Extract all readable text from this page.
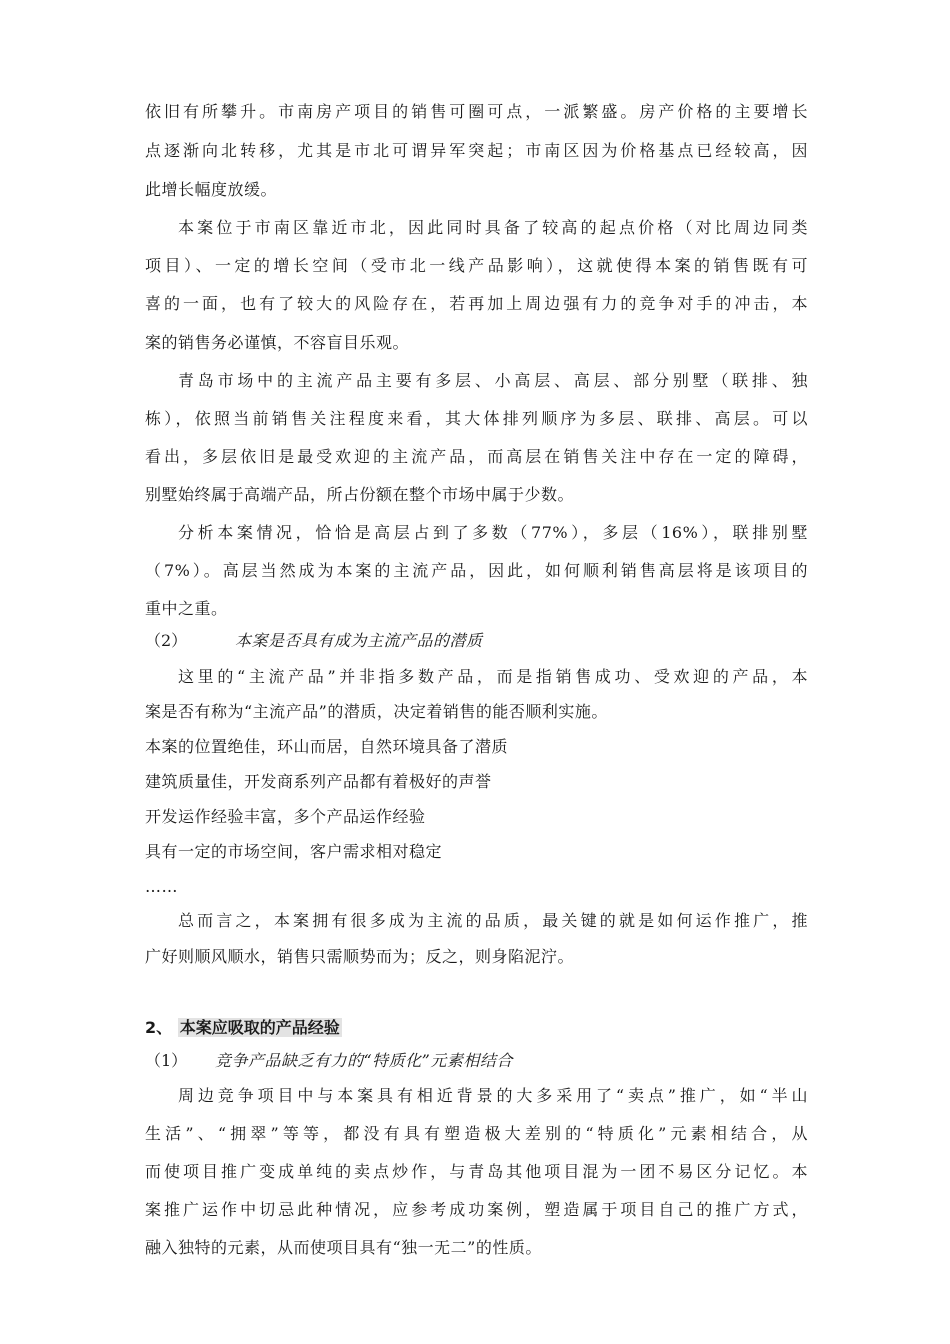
依旧有所攀升。市南房产项目的销售可圈可点，一派繁盛。房产价格的主要增长
点逐渐向北转移，尤其是市北可谓异军突起；市南区因为价格基点已经较高，因
此增长幅度放缓。
本案位于市南区靠近市北，因此同时具备了较高的起点价格（对比周边同类
项目）、一定的增长空间（受市北一线产品影响），这就使得本案的销售既有可
喜的一面，也有了较大的风险存在，若再加上周边强有力的竞争对手的冲击，本
案的销售务必谨慎，不容盲目乐观。
青岛市场中的主流产品主要有多层、小高层、高层、部分别墅（联排、独
栋），依照当前销售关注程度来看，其大体排列顺序为多层、联排、高层。可以
看出，多层依旧是最受欢迎的主流产品，而高层在销售关注中存在一定的障碍，
别墅始终属于高端产品，所占份额在整个市场中属于少数。
分析本案情况，恰恰是高层占到了多数（77%），多层（16%），联排别墅
（7%）。高层当然成为本案的主流产品，因此，如何顺利销售高层将是该项目的
重中之重。
（2）	本案是否具有成为主流产品的潜质
这里的“主流产品”并非指多数产品，而是指销售成功、受欢迎的产品，本
案是否有称为“主流产品”的潜质，决定着销售的能否顺利实施。
本案的位置绝佳，环山而居，自然环境具备了潜质
建筑质量佳，开发商系列产品都有着极好的声誉
开发运作经验丰富，多个产品运作经验
具有一定的市场空间，客户需求相对稳定
……
总而言之，本案拥有很多成为主流的品质，最关键的就是如何运作推广，推
广好则顺风顺水，销售只需顺势而为；反之，则身陷泥泞。
2、 本案应吸取的产品经验
（1） 竞争产品缺乏有力的“特质化”元素相结合
周边竞争项目中与本案具有相近背景的大多采用了“卖点”推广，如“半山
生活”、“拥翠”等等，都没有具有塑造极大差别的“特质化”元素相结合，从
而使项目推广变成单纯的卖点炒作，与青岛其他项目混为一团不易区分记忆。本
案推广运作中切忌此种情况，应参考成功案例，塑造属于项目自己的推广方式，
融入独特的元素，从而使项目具有“独一无二”的性质。
